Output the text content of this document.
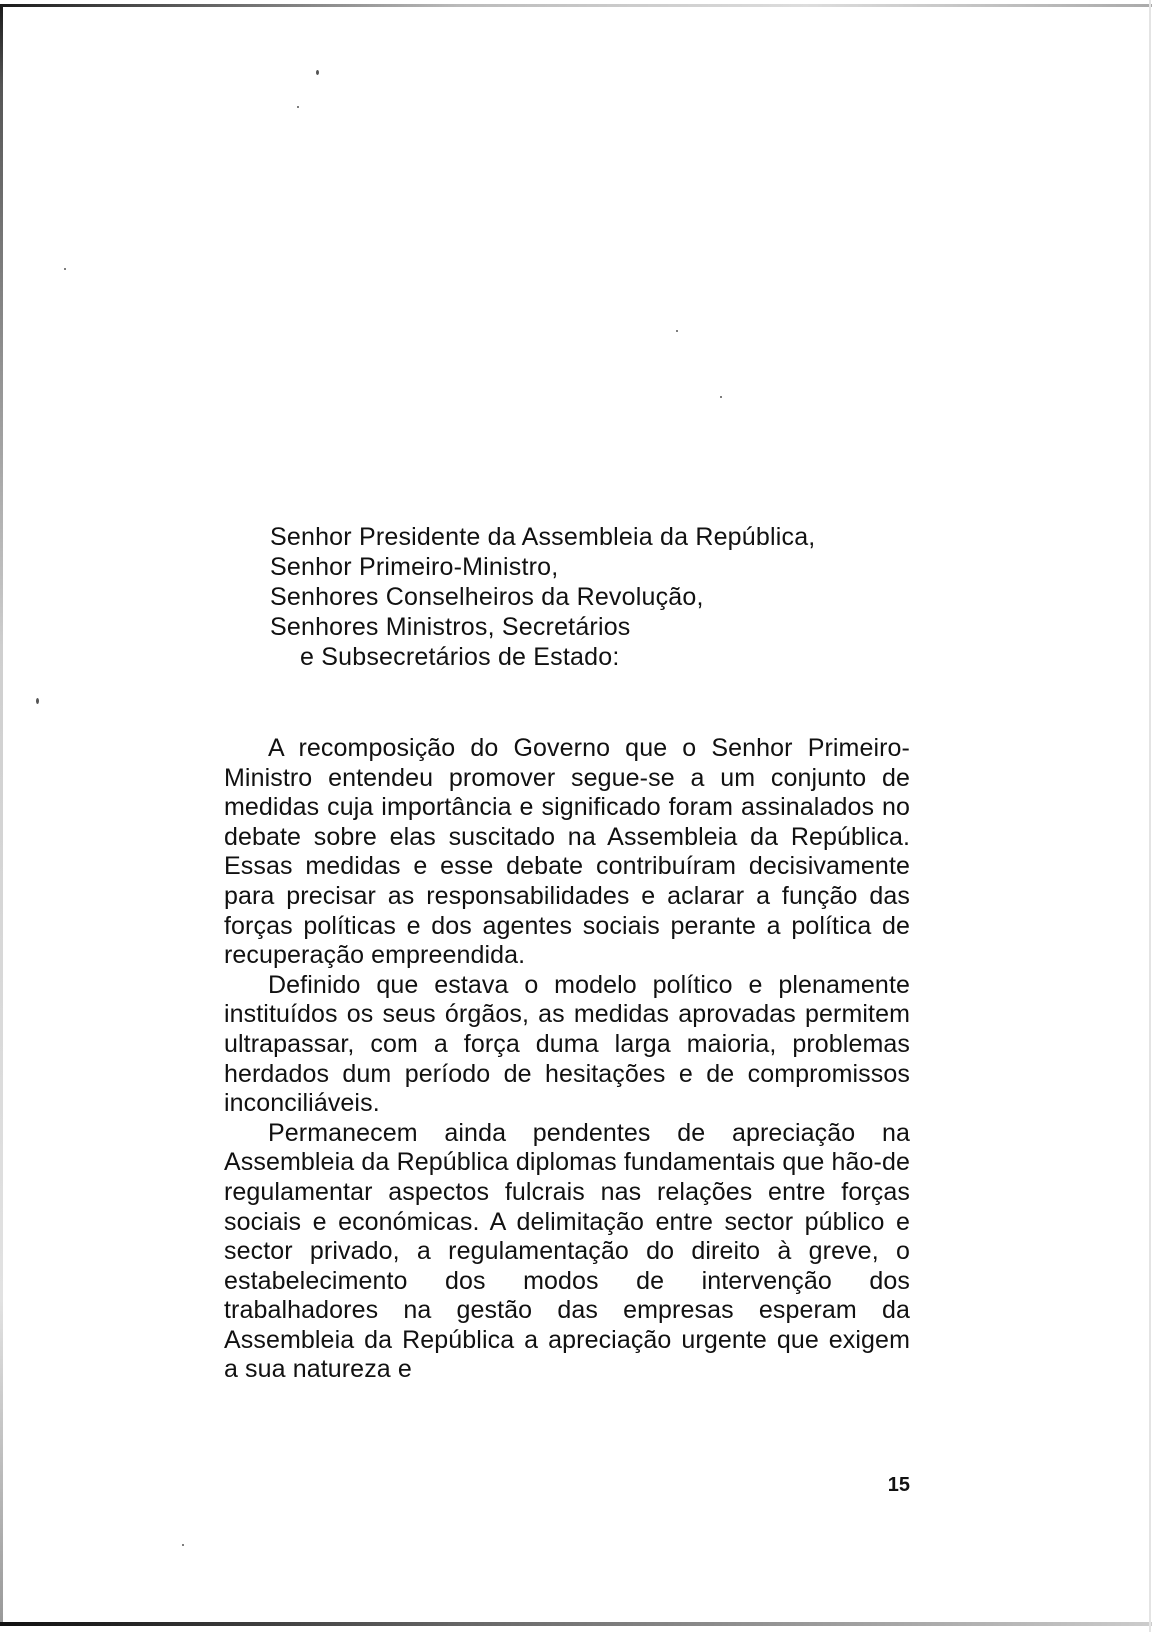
Senhor Presidente da Assembleia da República,
Senhor Primeiro-Ministro,
Senhores Conselheiros da Revolução,
Senhores Ministros, Secretários
e Subsecretários de Estado:

A recomposição do Governo que o Senhor Primeiro-Ministro entendeu promover segue-se a um conjunto de medidas cuja importância e significado foram assinalados no debate sobre elas suscitado na Assembleia da República. Essas medidas e esse debate contribuíram decisivamente para precisar as responsabilidades e aclarar a função das forças políticas e dos agentes sociais perante a política de recuperação empreendida.

Definido que estava o modelo político e plenamente instituídos os seus órgãos, as medidas aprovadas permitem ultrapassar, com a força duma larga maioria, problemas herdados dum período de hesitações e de compromissos inconciliáveis.

Permanecem ainda pendentes de apreciação na Assembleia da República diplomas fundamentais que hão-de regulamentar aspectos fulcrais nas relações entre forças sociais e económicas. A delimitação entre sector público e sector privado, a regulamentação do direito à greve, o estabelecimento dos modos de intervenção dos trabalhadores na gestão das empresas esperam da Assembleia da República a apreciação urgente que exigem a sua natureza e

15
